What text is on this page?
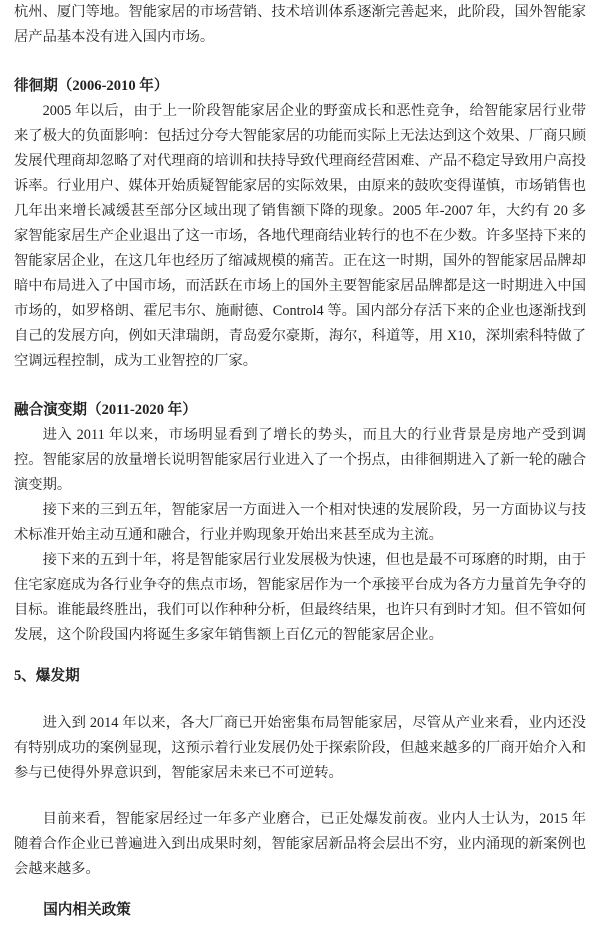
杭州、厦门等地。智能家居的市场营销、技术培训体系逐渐完善起来，此阶段，国外智能家居产品基本没有进入国内市场。

徘徊期（2006-2010 年）

2005 年以后，由于上一阶段智能家居企业的野蛮成长和恶性竞争，给智能家居行业带来了极大的负面影响：包括过分夸大智能家居的功能而实际上无法达到这个效果、厂商只顾发展代理商却忽略了对代理商的培训和扶持导致代理商经营困难、产品不稳定导致用户高投诉率。行业用户、媒体开始质疑智能家居的实际效果，由原来的鼓吹变得谨慎，市场销售也几年出来增长减缓甚至部分区域出现了销售额下降的现象。2005 年-2007 年，大约有 20 多家智能家居生产企业退出了这一市场，各地代理商结业转行的也不在少数。许多坚持下来的智能家居企业，在这几年也经历了缩减规模的痛苦。正在这一时期，国外的智能家居品牌却暗中布局进入了中国市场，而活跃在市场上的国外主要智能家居品牌都是这一时期进入中国市场的，如罗格朗、霍尼韦尔、施耐德、Control4 等。国内部分存活下来的企业也逐渐找到自己的发展方向，例如天津瑞朗，青岛爱尔豪斯，海尔，科道等，用 X10，深圳索科特做了空调远程控制，成为工业智控的厂家。

融合演变期（2011-2020 年）

进入 2011 年以来，市场明显看到了增长的势头，而且大的行业背景是房地产受到调控。智能家居的放量增长说明智能家居行业进入了一个拐点，由徘徊期进入了新一轮的融合演变期。

接下来的三到五年，智能家居一方面进入一个相对快速的发展阶段，另一方面协议与技术标准开始主动互通和融合，行业并购现象开始出来甚至成为主流。

接下来的五到十年，将是智能家居行业发展极为快速，但也是最不可琢磨的时期，由于住宅家庭成为各行业争夺的焦点市场，智能家居作为一个承接平台成为各方力量首先争夺的目标。谁能最终胜出，我们可以作种种分析，但最终结果，也许只有到时才知。但不管如何发展，这个阶段国内将诞生多家年销售额上百亿元的智能家居企业。

5、爆发期

进入到 2014 年以来，各大厂商已开始密集布局智能家居，尽管从产业来看，业内还没有特别成功的案例显现，这预示着行业发展仍处于探索阶段，但越来越多的厂商开始介入和参与已使得外界意识到，智能家居未来已不可逆转。

目前来看，智能家居经过一年多产业磨合，已正处爆发前夜。业内人士认为，2015 年随着合作企业已普遍进入到出成果时刻，智能家居新品将会层出不穷，业内涌现的新案例也会越来越多。

国内相关政策
